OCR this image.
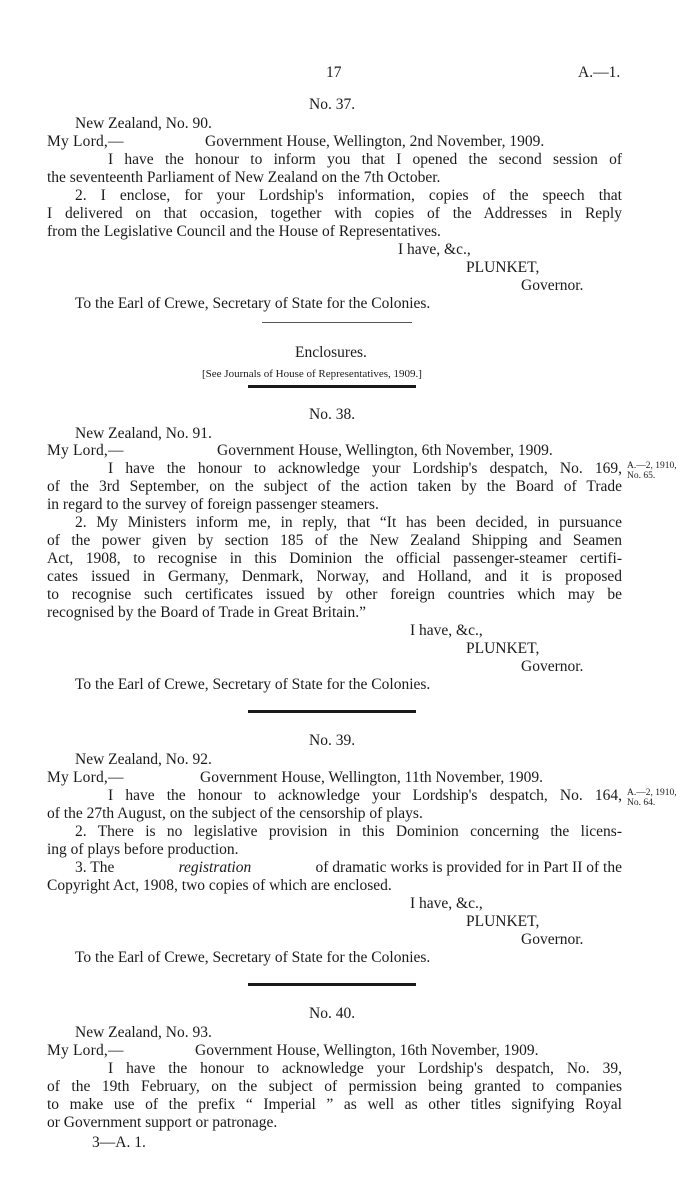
17	A.—1.
No. 37.
New Zealand, No. 90.
My Lord,—	Government House, Wellington, 2nd November, 1909.
I have the honour to inform you that I opened the second session of
the seventeenth Parliament of New Zealand on the 7th October.
2. I enclose, for your Lordship's information, copies of the speech that
I delivered on that occasion, together with copies of the Addresses in Reply
from the Legislative Council and the House of Representatives.
I have, &c.,
PLUNKET,
Governor.
To the Earl of Crewe, Secretary of State for the Colonies.
Enclosures.
[See Journals of House of Representatives, 1909.]
No. 38.
New Zealand, No. 91.
My Lord,—	Government House, Wellington, 6th November, 1909.
I have the honour to acknowledge your Lordship's despatch, No. 169, A.—2, 1910,
No. 65.
of the 3rd September, on the subject of the action taken by the Board of Trade
in regard to the survey of foreign passenger steamers.
2. My Ministers inform me, in reply, that “It has been decided, in pursuance
of the power given by section 185 of the New Zealand Shipping and Seamen
Act, 1908, to recognise in this Dominion the official passenger-steamer certifi-
cates issued in Germany, Denmark, Norway, and Holland, and it is proposed
to recognise such certificates issued by other foreign countries which may be
recognised by the Board of Trade in Great Britain.”
I have, &c.,
PLUNKET,
Governor.
To the Earl of Crewe, Secretary of State for the Colonies.
No. 39.
New Zealand, No. 92.
My Lord,—	Government House, Wellington, 11th November, 1909.
I have the honour to acknowledge your Lordship's despatch, No. 164, A.—2, 1910,
No. 64.
of the 27th August, on the subject of the censorship of plays.
2. There is no legislative provision in this Dominion concerning the licens-
ing of plays before production.
3. The	registration	of dramatic works is provided for in Part II of the
Copyright Act, 1908, two copies of which are enclosed.
I have, &c.,
PLUNKET,
Governor.
To the Earl of Crewe, Secretary of State for the Colonies.
No. 40.
New Zealand, No. 93.
My Lord,—	Government House, Wellington, 16th November, 1909.
I have the honour to acknowledge your Lordship's despatch, No. 39,
of the 19th February, on the subject of permission being granted to companies
to make use of the prefix “ Imperial ” as well as other titles signifying Royal
or Government support or patronage.
3—A. 1.
